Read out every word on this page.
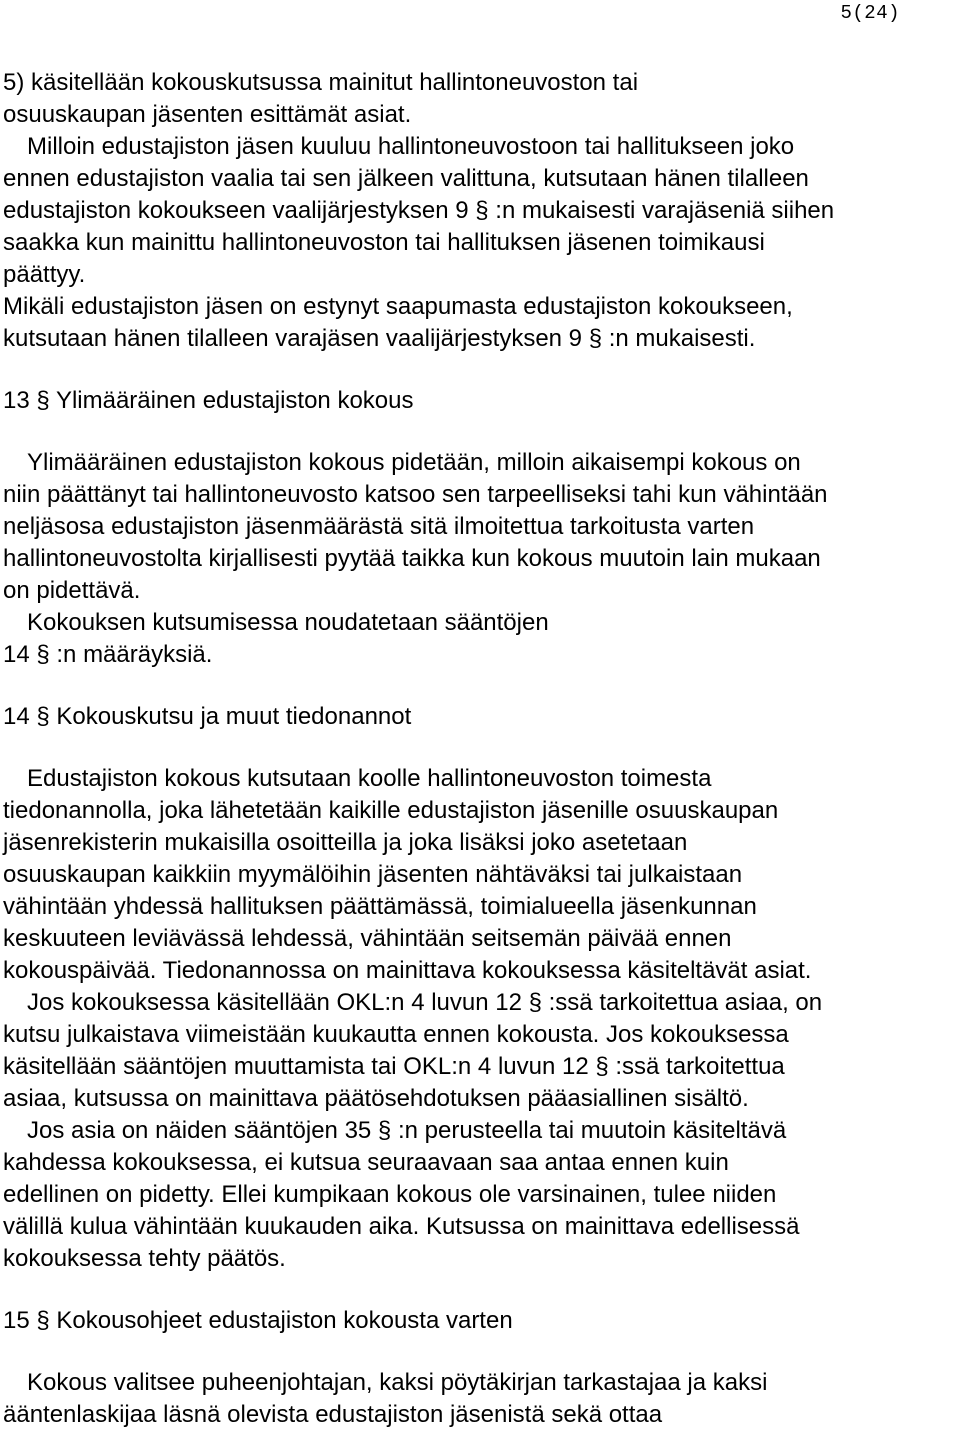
5(24)
5) käsitellään kokouskutsussa mainitut hallintoneuvoston tai
osuuskaupan jäsenten esittämät asiat.
Milloin edustajiston jäsen kuuluu hallintoneuvostoon tai hallitukseen joko
ennen edustajiston vaalia tai sen jälkeen valittuna, kutsutaan hänen tilalleen
edustajiston kokoukseen vaalijärjestyksen 9 § :n mukaisesti varajäseniä siihen
saakka kun mainittu hallintoneuvoston tai hallituksen jäsenen toimikausi
päättyy.
Mikäli edustajiston jäsen on estynyt saapumasta edustajiston kokoukseen,
kutsutaan hänen tilalleen varajäsen vaalijärjestyksen 9 § :n mukaisesti.
13 § Ylimääräinen edustajiston kokous
Ylimääräinen edustajiston kokous pidetään, milloin aikaisempi kokous on
niin päättänyt tai hallintoneuvosto katsoo sen tarpeelliseksi tahi kun vähintään
neljäsosa edustajiston jäsenmäärästä sitä ilmoitettua tarkoitusta varten
hallintoneuvostolta kirjallisesti pyytää taikka kun kokous muutoin lain mukaan
on pidettävä.
Kokouksen kutsumisessa noudatetaan sääntöjen
14 § :n määräyksiä.
14 § Kokouskutsu ja muut tiedonannot
Edustajiston kokous kutsutaan koolle hallintoneuvoston toimesta
tiedonannolla, joka lähetetään kaikille edustajiston jäsenille osuuskaupan
jäsenrekisterin mukaisilla osoitteilla ja joka lisäksi joko asetetaan
osuuskaupan kaikkiin myymälöihin jäsenten nähtäväksi tai julkaistaan
vähintään yhdessä hallituksen päättämässä, toimialueella jäsenkunnan
keskuuteen leviävässä lehdessä, vähintään seitsemän päivää ennen
kokouspäivää. Tiedonannossa on mainittava kokouksessa käsiteltävät asiat.
Jos kokouksessa käsitellään OKL:n 4 luvun 12 § :ssä tarkoitettua asiaa, on
kutsu julkaistava viimeistään kuukautta ennen kokousta. Jos kokouksessa
käsitellään sääntöjen muuttamista tai OKL:n 4 luvun 12 § :ssä tarkoitettua
asiaa, kutsussa on mainittava päätösehdotuksen pääasiallinen sisältö.
Jos asia on näiden sääntöjen 35 § :n perusteella tai muutoin käsiteltävä
kahdessa kokouksessa, ei kutsua seuraavaan saa antaa ennen kuin
edellinen on pidetty. Ellei kumpikaan kokous ole varsinainen, tulee niiden
välillä kulua vähintään kuukauden aika. Kutsussa on mainittava edellisessä
kokouksessa tehty päätös.
15 § Kokousohjeet edustajiston kokousta varten
Kokous valitsee puheenjohtajan, kaksi pöytäkirjan tarkastajaa ja kaksi
ääntenlaskijaa läsnä olevista edustajiston jäsenistä sekä ottaa
